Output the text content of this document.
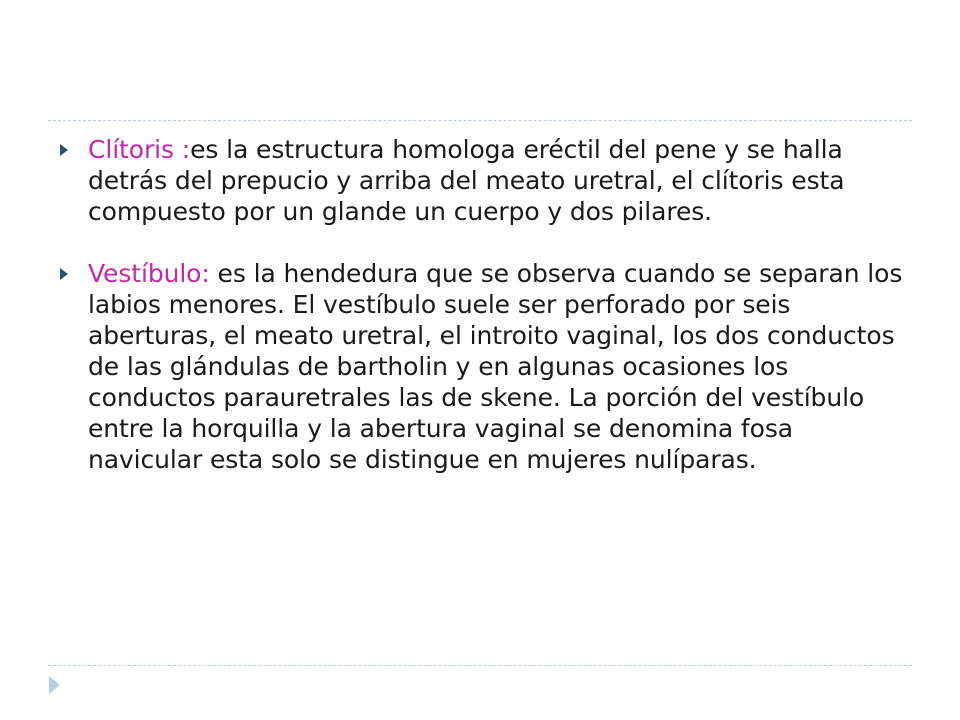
Clítoris :es la estructura homologa eréctil del pene y se halla detrás del prepucio y arriba del meato uretral, el clítoris esta compuesto por un glande un cuerpo y dos pilares.
Vestíbulo: es la hendedura que se observa cuando se separan los labios menores. El vestíbulo suele ser perforado por seis aberturas, el meato uretral, el introito vaginal, los dos conductos de las glándulas de bartholin y en algunas ocasiones los conductos parauretrales las de skene. La porción del vestíbulo entre la horquilla y la abertura vaginal se denomina fosa navicular esta solo se distingue en mujeres nulíparas.
